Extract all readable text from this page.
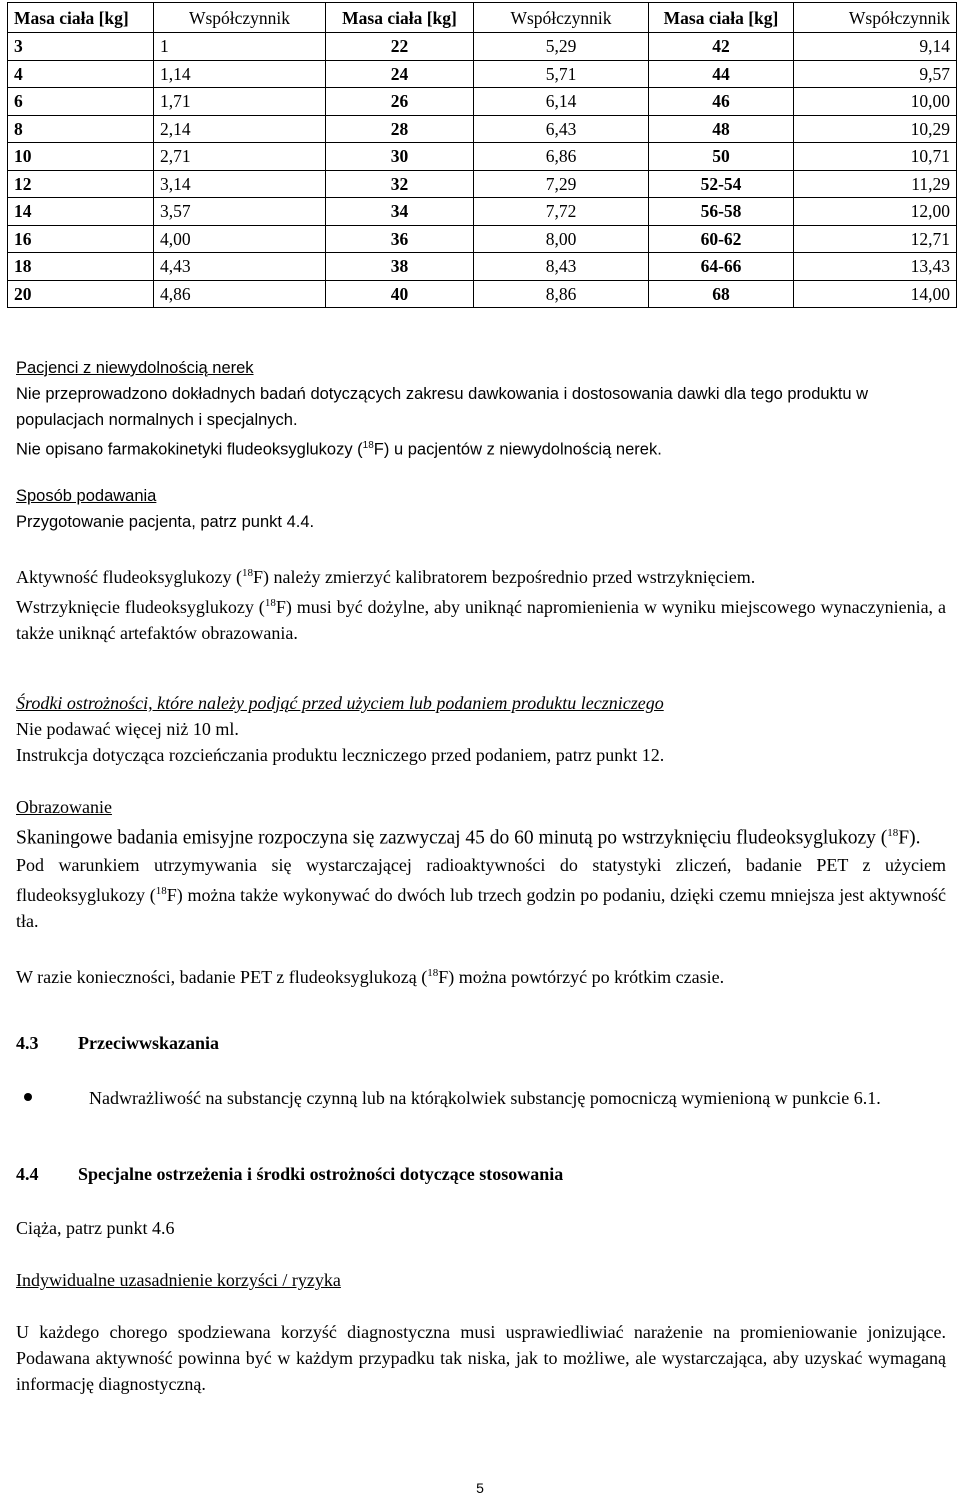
Masa ciała [kg]	Współczynnik	Masa ciała [kg]	Współczynnik	Masa ciała [kg]	Współczynnik
3	1	22	5,29	42	9,14
4	1,14	24	5,71	44	9,57
6	1,71	26	6,14	46	10,00
8	2,14	28	6,43	48	10,29
10	2,71	30	6,86	50	10,71
12	3,14	32	7,29	52-54	11,29
14	3,57	34	7,72	56-58	12,00
16	4,00	36	8,00	60-62	12,71
18	4,43	38	8,43	64-66	13,43
20	4,86	40	8,86	68	14,00

Pacjenci z niewydolnością nerek

Nie przeprowadzono dokładnych badań dotyczących zakresu dawkowania i dostosowania dawki dla tego produktu w populacjach normalnych i specjalnych.

Nie opisano farmakokinetyki fludeoksyglukozy ($^{18}$F) u pacjentów z niewydolnością nerek.

Sposób podawania

Przygotowanie pacjenta, patrz punkt 4.4.

Aktywność fludeoksyglukozy ($^{18}$F) należy zmierzyć kalibratorem bezpośrednio przed wstrzyknięciem.

Wstrzyknięcie fludeoksyglukozy ($^{18}$F) musi być dożylne, aby uniknąć napromienienia w wyniku miejscowego wynaczynienia, a także uniknąć artefaktów obrazowania.

Środki ostrożności, które należy podjąć przed użyciem lub podaniem produktu leczniczego

Nie podawać więcej niż 10 ml.

Instrukcja dotycząca rozcieńczania produktu leczniczego przed podaniem, patrz punkt 12.

Obrazowanie

Skaningowe badania emisyjne rozpoczyna się zazwyczaj 45 do 60 minutą po wstrzyknięciu fludeoksyglukozy ($^{18}$F).

Pod warunkiem utrzymywania się wystarczającej radioaktywności do statystyki zliczeń, badanie PET z użyciem fludeoksyglukozy ($^{18}$F) można także wykonywać do dwóch lub trzech godzin po podaniu, dzięki czemu mniejsza jest aktywność tła.

W razie konieczności, badanie PET z fludeoksyglukozą ($^{18}$F) można powtórzyć po krótkim czasie.

4.3 Przeciwwskazania
Nadwrażliwość na substancję czynną lub na którąkolwiek substancję pomocniczą wymienioną w punkcie 6.1.
4.4 Specjalne ostrzeżenia i środki ostrożności dotyczące stosowania

Ciąża, patrz punkt 4.6

Indywidualne uzasadnienie korzyści / ryzyka

U każdego chorego spodziewana korzyść diagnostyczna musi usprawiedliwiać narażenie na promieniowanie jonizujące. Podawana aktywność powinna być w każdym przypadku tak niska, jak to możliwe, ale wystarczająca, aby uzyskać wymaganą informację diagnostyczną.

5
